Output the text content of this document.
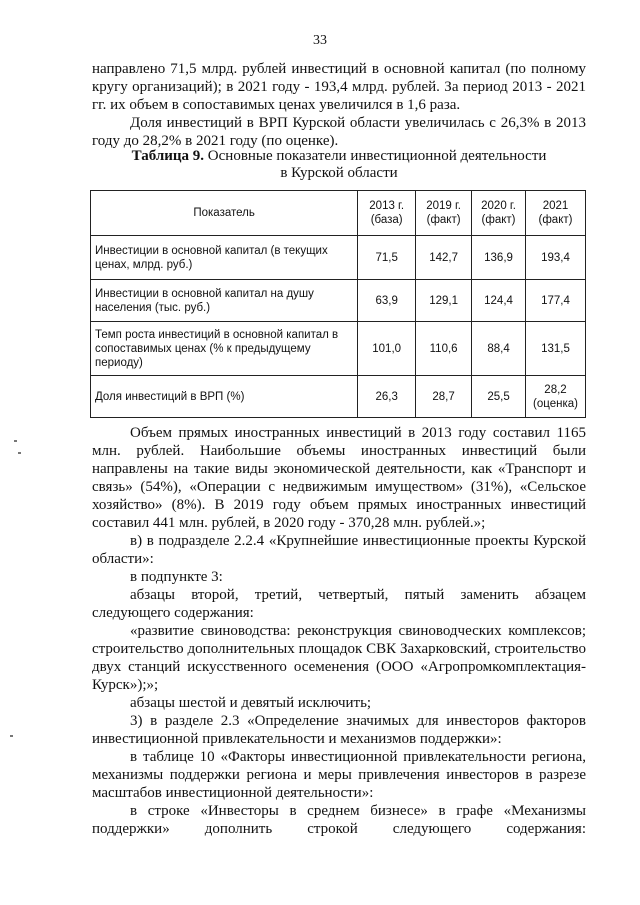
33

направлено 71,5 млрд. рублей инвестиций в основной капитал (по полному кругу организаций); в 2021 году - 193,4 млрд. рублей. За период 2013 - 2021 гг. их объем в сопоставимых ценах увеличился в 1,6 раза.

Доля инвестиций в ВРП Курской области увеличилась с 26,3% в 2013 году до 28,2% в 2021 году (по оценке).

Таблица 9. Основные показатели инвестиционной деятельности

в Курской области

Показатель	2013 г. (база)	2019 г. (факт)	2020 г. (факт)	2021 (факт)
Инвестиции в основной капитал (в текущих ценах, млрд. руб.)	71,5	142,7	136,9	193,4
Инвестиции в основной капитал на душу населения (тыс. руб.)	63,9	129,1	124,4	177,4
Темп роста инвестиций в основной капитал в сопоставимых ценах (% к предыдущему периоду)	101,0	110,6	88,4	131,5
Доля инвестиций в ВРП (%)	26,3	28,7	25,5	28,2 (оценка)

Объем прямых иностранных инвестиций в 2013 году составил 1165 млн. рублей. Наибольшие объемы иностранных инвестиций были направлены на такие виды экономической деятельности, как «Транспорт и связь» (54%), «Операции с недвижимым имуществом» (31%), «Сельское хозяйство» (8%). В 2019 году объем прямых иностранных инвестиций составил 441 млн. рублей, в 2020 году - 370,28 млн. рублей.»;

в) в подразделе 2.2.4 «Крупнейшие инвестиционные проекты Курской области»:

в подпункте 3:

абзацы второй, третий, четвертый, пятый заменить абзацем следующего содержания:

«развитие свиноводства: реконструкция свиноводческих комплексов; строительство дополнительных площадок СВК Захарковский, строительство двух станций искусственного осеменения (ООО «Агропромкомплектация-Курск»);»;

абзацы шестой и девятый исключить;

3) в разделе 2.3 «Определение значимых для инвесторов факторов инвестиционной привлекательности и механизмов поддержки»:

в таблице 10 «Факторы инвестиционной привлекательности региона, механизмы поддержки региона и меры привлечения инвесторов в разрезе масштабов инвестиционной деятельности»:

в строке «Инвесторы в среднем бизнесе» в графе «Механизмы поддержки» дополнить строкой следующего содержания:
